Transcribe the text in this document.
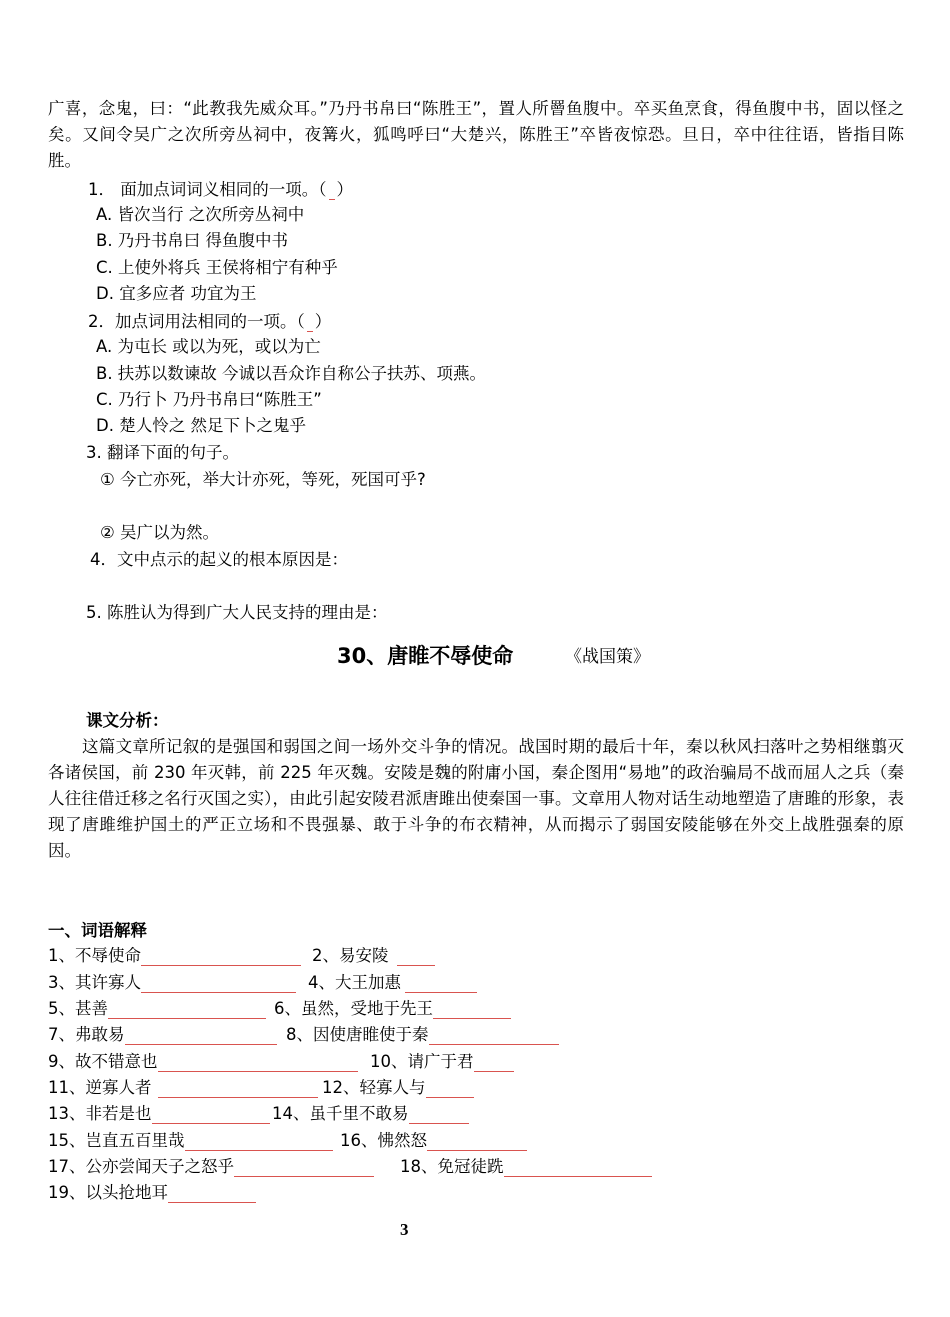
广喜，念鬼，曰：“此教我先威众耳。”乃丹书帛曰“陈胜王”，置人所罾鱼腹中。卒买鱼烹食，得鱼腹中书，固以怪之矣。又间令吴广之次所旁丛祠中，夜篝火，狐鸣呼曰“大楚兴，陈胜王”卒皆夜惊恐。旦日，卒中往往语，皆指目陈胜。
1． 面加点词词义相同的一项。（ ）
A. 皆次当行 之次所旁丛祠中
B. 乃丹书帛曰 得鱼腹中书
C. 上使外将兵 王侯将相宁有种乎
D. 宜多应者 功宜为王
2．加点词用法相同的一项。（ ）
A. 为屯长 或以为死，或以为亡
B. 扶苏以数谏故 今诚以吾众诈自称公子扶苏、项燕。
C. 乃行卜 乃丹书帛曰“陈胜王”
D. 楚人怜之 然足下卜之鬼乎
3. 翻译下面的句子。
① 今亡亦死，举大计亦死，等死，死国可乎?
② 吴广以为然。
4．文中点示的起义的根本原因是：
5. 陈胜认为得到广大人民支持的理由是：
30、唐睢不辱使命	《战国策》
课文分析：
这篇文章所记叙的是强国和弱国之间一场外交斗争的情况。战国时期的最后十年，秦以秋风扫落叶之势相继翦灭各诸侯国，前 230 年灭韩，前 225 年灭魏。安陵是魏的附庸小国，秦企图用“易地”的政治骗局不战而屈人之兵（秦人往往借迁移之名行灭国之实），由此引起安陵君派唐雎出使秦国一事。文章用人物对话生动地塑造了唐雎的形象，表现了唐雎维护国土的严正立场和不畏强暴、敢于斗争的布衣精神，从而揭示了弱国安陵能够在外交上战胜强秦的原因。
一、词语解释
1、不辱使命	2、易安陵
3、其许寡人	4、大王加惠
5、甚善	6、虽然，受地于先王
7、弗敢易	8、因使唐睢使于秦
9、故不错意也	10、请广于君
11、逆寡人者	12、轻寡人与
13、非若是也	14、虽千里不敢易
15、岂直五百里哉	16、怫然怒
17、公亦尝闻天子之怒乎	18、免冠徒跣
19、以头抢地耳
3
